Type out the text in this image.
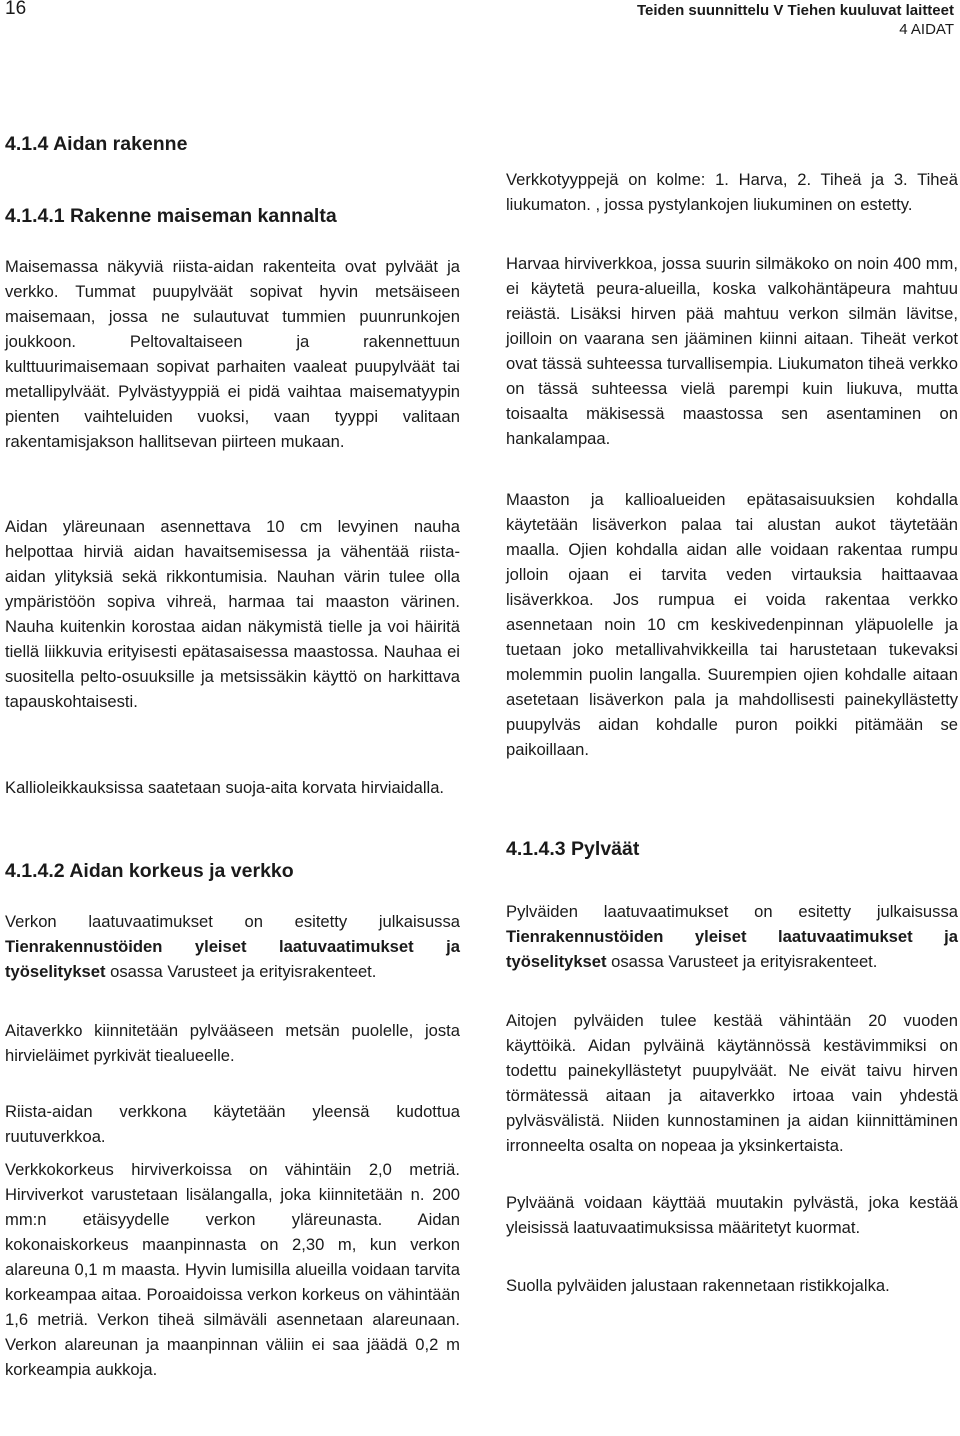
16	Teiden suunnittelu V Tiehen kuuluvat laitteet
4 AIDAT
4.1.4 Aidan rakenne
4.1.4.1 Rakenne maiseman kannalta
Maisemassa näkyviä riista-aidan rakenteita ovat pylväät ja verkko. Tummat puupylväät sopivat hyvin metsäiseen maisemaan, jossa ne sulautuvat tummien puunrunkojen joukkoon. Peltovaltaiseen ja rakennettuun kulttuurimaisemaan sopivat parhaiten vaaleat puupylväät tai metallipylväät. Pylvästyyppiä ei pidä vaihtaa maisematyypin pienten vaihteluiden vuoksi, vaan tyyppi valitaan rakentamisjakson hallitsevan piirteen mukaan.
Aidan yläreunaan asennettava 10 cm levyinen nauha helpottaa hirviä aidan havaitsemisessa ja vähentää riista-aidan ylityksiä sekä rikkontumisia. Nauhan värin tulee olla ympäristöön sopiva vihreä, harmaa tai maaston värinen. Nauha kuitenkin korostaa aidan näkymistä tielle ja voi häiritä tiellä liikkuvia erityisesti epätasaisessa maastossa. Nauhaa ei suositella pelto-osuuksille ja metsissäkin käyttö on harkittava tapauskohtaisesti.
Kallioleikkauksissa saatetaan suoja-aita korvata hirviaidalla.
4.1.4.2 Aidan korkeus ja verkko
Verkon laatuvaatimukset on esitetty julkaisussa Tienrakennustöiden yleiset laatuvaatimukset ja työselitykset osassa Varusteet ja erityisrakenteet.
Aitaverkko kiinnitetään pylvääseen metsän puolelle, josta hirvieläimet pyrkivät tiealueelle.
Riista-aidan verkkona käytetään yleensä kudottua ruutuverkkoa.
Verkkokorkeus hirviverkoissa on vähintäin 2,0 metriä. Hirviverkot varustetaan lisälangalla, joka kiinnitetään n. 200 mm:n etäisyydelle verkon yläreunasta. Aidan kokonaiskorkeus maanpinnasta on 2,30 m, kun verkon alareuna 0,1 m maasta. Hyvin lumisilla alueilla voidaan tarvita korkeampaa aitaa. Poroaidoissa verkon korkeus on vähintään 1,6 metriä. Verkon tiheä silmäväli asennetaan alareunaan. Verkon alareunan ja maanpinnan väliin ei saa jäädä 0,2 m korkeampia aukkoja.
Verkkotyyppejä on kolme: 1. Harva, 2. Tiheä ja 3. Tiheä liukumaton. , jossa pystylankojen liukuminen on estetty.
Harvaa hirviverkkoa, jossa suurin silmäkoko on noin 400 mm, ei käytetä peura-alueilla, koska valkohäntäpeura mahtuu reiästä. Lisäksi hirven pää mahtuu verkon silmän lävitse, joilloin on vaarana sen jääminen kiinni aitaan. Tiheät verkot ovat tässä suhteessa turvallisempia. Liukumaton tiheä verkko on tässä suhteessa vielä parempi kuin liukuva, mutta toisaalta mäkisessä maastossa sen asentaminen on hankalampaa.
Maaston ja kallioalueiden epätasaisuuksien kohdalla käytetään lisäverkon palaa tai alustan aukot täytetään maalla. Ojien kohdalla aidan alle voidaan rakentaa rumpu jolloin ojaan ei tarvita veden virtauksia haittaavaa lisäverkkoa. Jos rumpua ei voida rakentaa verkko asennetaan noin 10 cm keskivedenpinnan yläpuolelle ja tuetaan joko metallivahvikkeilla tai harustetaan tukevaksi molemmin puolin langalla. Suurempien ojien kohdalle aitaan asetetaan lisäverkon pala ja mahdollisesti painekyllästetty puupylväs aidan kohdalle puron poikki pitämään se paikoillaan.
4.1.4.3 Pylväät
Pylväiden laatuvaatimukset on esitetty julkaisussa Tienrakennustöiden yleiset laatuvaatimukset ja työselitykset osassa Varusteet ja erityisrakenteet.
Aitojen pylväiden tulee kestää vähintään 20 vuoden käyttöikä. Aidan pylväinä käytännössä kestävimmiksi on todettu painekyllästetyt puupylväät. Ne eivät taivu hirven törmätessä aitaan ja aitaverkko irtoaa vain yhdestä pylväsvälistä. Niiden kunnostaminen ja aidan kiinnittäminen irronneelta osalta on nopeaa ja yksinkertaista.
Pylväänä voidaan käyttää muutakin pylvästä, joka kestää yleisissä laatuvaatimuksissa määritetyt kuormat.
Suolla pylväiden jalustaan rakennetaan ristikkojalka.
